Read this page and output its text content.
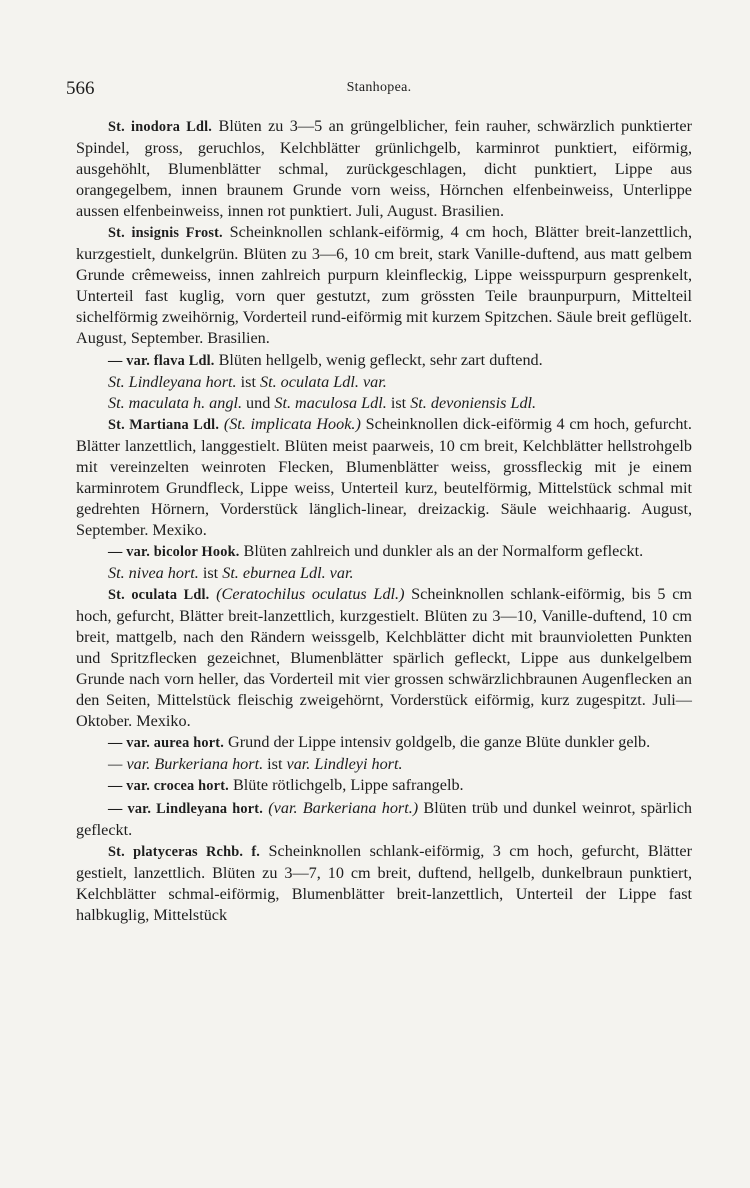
566	Stanhopea.

St. inodora Ldl. Blüten zu 3—5 an grüngelblicher, fein rauher, schwärzlich punktierter Spindel, gross, geruchlos, Kelchblätter grünlichgelb, karminrot punktiert, eiförmig, ausgehöhlt, Blumenblätter schmal, zurückgeschlagen, dicht punktiert, Lippe aus orangegelbem, innen braunem Grunde vorn weiss, Hörnchen elfenbeinweiss, Unterlippe aussen elfenbeinweiss, innen rot punktiert. Juli, August. Brasilien.

St. insignis Frost. Scheinknollen schlank-eiförmig, 4 cm hoch, Blätter breit-lanzettlich, kurzgestielt, dunkelgrün. Blüten zu 3—6, 10 cm breit, stark Vanille-duftend, aus matt gelbem Grunde crêmeweiss, innen zahlreich purpurn kleinfleckig, Lippe weisspurpurn gesprenkelt, Unterteil fast kuglig, vorn quer gestutzt, zum grössten Teile braunpurpurn, Mittelteil sichelförmig zweihörnig, Vorderteil rund-eiförmig mit kurzem Spitzchen. Säule breit geflügelt. August, September. Brasilien.

— var. flava Ldl. Blüten hellgelb, wenig gefleckt, sehr zart duftend.

St. Lindleyana hort. ist St. oculata Ldl. var.

St. maculata h. angl. und St. maculosa Ldl. ist St. devoniensis Ldl.

St. Martiana Ldl. (St. implicata Hook.) Scheinknollen dick-eiförmig 4 cm hoch, gefurcht. Blätter lanzettlich, langgestielt. Blüten meist paarweis, 10 cm breit, Kelchblätter hellstrohgelb mit vereinzelten weinroten Flecken, Blumenblätter weiss, grossfleckig mit je einem karminrotem Grundfleck, Lippe weiss, Unterteil kurz, beutelförmig, Mittelstück schmal mit gedrehten Hörnern, Vorderstück länglich-linear, dreizackig. Säule weichhaarig. August, September. Mexiko.

— var. bicolor Hook. Blüten zahlreich und dunkler als an der Normalform gefleckt.

St. nivea hort. ist St. eburnea Ldl. var.

St. oculata Ldl. (Ceratochilus oculatus Ldl.) Scheinknollen schlank-eiförmig, bis 5 cm hoch, gefurcht, Blätter breit-lanzettlich, kurzgestielt. Blüten zu 3—10, Vanille-duftend, 10 cm breit, mattgelb, nach den Rändern weissgelb, Kelchblätter dicht mit braunvioletten Punkten und Spritzflecken gezeichnet, Blumenblätter spärlich gefleckt, Lippe aus dunkelgelbem Grunde nach vorn heller, das Vorderteil mit vier grossen schwärzlichbraunen Augenflecken an den Seiten, Mittelstück fleischig zweigehörnt, Vorderstück eiförmig, kurz zugespitzt. Juli—Oktober. Mexiko.

— var. aurea hort. Grund der Lippe intensiv goldgelb, die ganze Blüte dunkler gelb.

— var. Burkeriana hort. ist var. Lindleyi hort.

— var. crocea hort. Blüte rötlichgelb, Lippe safrangelb.

— var. Lindleyana hort. (var. Barkeriana hort.) Blüten trüb und dunkel weinrot, spärlich gefleckt.

St. platyceras Rchb. f. Scheinknollen schlank-eiförmig, 3 cm hoch, gefurcht, Blätter gestielt, lanzettlich. Blüten zu 3—7, 10 cm breit, duftend, hellgelb, dunkelbraun punktiert, Kelchblätter schmal-eiförmig, Blumenblätter breit-lanzettlich, Unterteil der Lippe fast halbkuglig, Mittelstück
